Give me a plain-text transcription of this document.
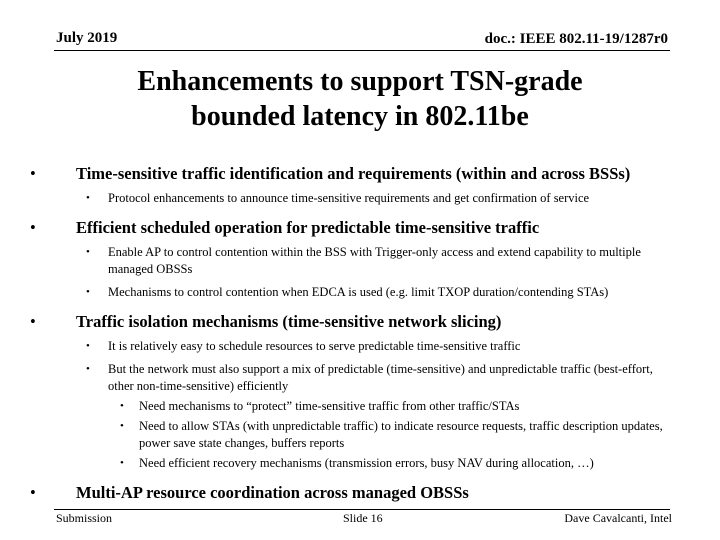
July 2019	doc.: IEEE 802.11-19/1287r0
Enhancements to support TSN-grade
bounded latency in 802.11be
• Time-sensitive traffic identification and requirements (within and across BSSs)
• Protocol enhancements to announce time-sensitive requirements and get confirmation of service
• Efficient scheduled operation for predictable time-sensitive traffic
• Enable AP to control contention within the BSS with Trigger-only access and extend capability to multiple managed OBSSs
• Mechanisms to control contention when EDCA is used (e.g. limit TXOP duration/contending STAs)
• Traffic isolation mechanisms (time-sensitive network slicing)
• It is relatively easy to schedule resources to serve predictable time-sensitive traffic
• But the network must also support a mix of predictable (time-sensitive) and unpredictable traffic (best-effort, other non-time-sensitive) efficiently
• Need mechanisms to “protect” time-sensitive traffic from other traffic/STAs
• Need to allow STAs (with unpredictable traffic) to indicate resource requests, traffic description updates, power save state changes, buffers reports
• Need efficient recovery mechanisms (transmission errors, busy NAV during allocation, …)
• Multi-AP resource coordination across managed OBSSs
Submission	Slide 16	Dave Cavalcanti, Intel
